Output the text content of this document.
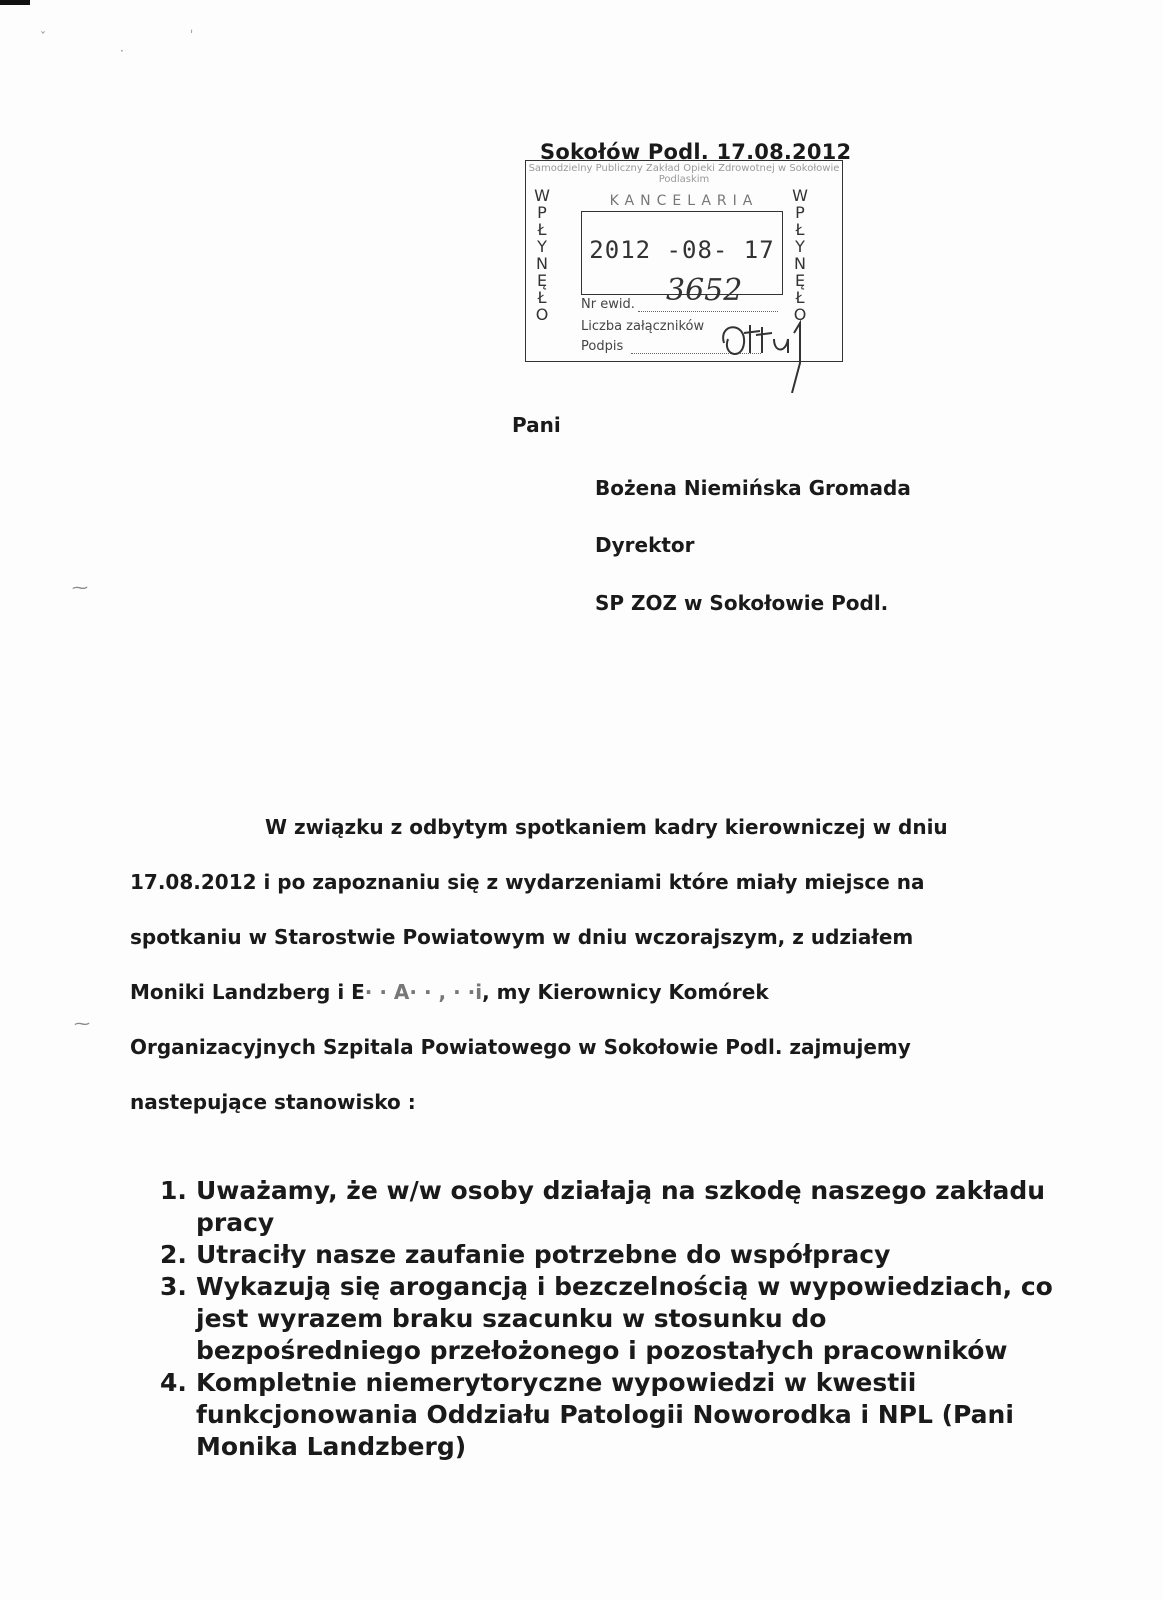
ˇ
ˌ
·
⁓
⁓
Sokołów Podl. 17.08.2012
Samodzielny Publiczny Zakład Opieki Zdrowotnej w Sokołowie Podlaskim
KANCELARIA
W
P
Ł
Y
N
Ę
Ł
O
W
P
Ł
Y
N
Ę
Ł
O
2012 -08- 17
3652
Nr ewid.
Liczba załączników
Podpis
Pani
Bożena Niemińska Gromada
Dyrektor
SP ZOZ w Sokołowie Podl.
W związku z odbytym spotkaniem kadry kierowniczej w dniu
17.08.2012 i po zapoznaniu się z wydarzeniami które miały miejsce na
spotkaniu w Starostwie Powiatowym w dniu wczorajszym, z udziałem
Moniki Landzberg i E· · A· · , · ·i, my Kierownicy Komórek
Organizacyjnych Szpitala Powiatowego w Sokołowie Podl. zajmujemy
nastepujące stanowisko :
1. Uważamy, że w/w osoby działają na szkodę naszego zakładu pracy
2. Utraciły nasze zaufanie potrzebne do współpracy
3. Wykazują się arogancją i bezczelnością w wypowiedziach, co jest wyrazem braku szacunku w stosunku do bezpośredniego przełożonego i pozostałych pracowników
4. Kompletnie niemerytoryczne wypowiedzi w kwestii funkcjonowania Oddziału Patologii Noworodka i NPL (Pani Monika Landzberg)
